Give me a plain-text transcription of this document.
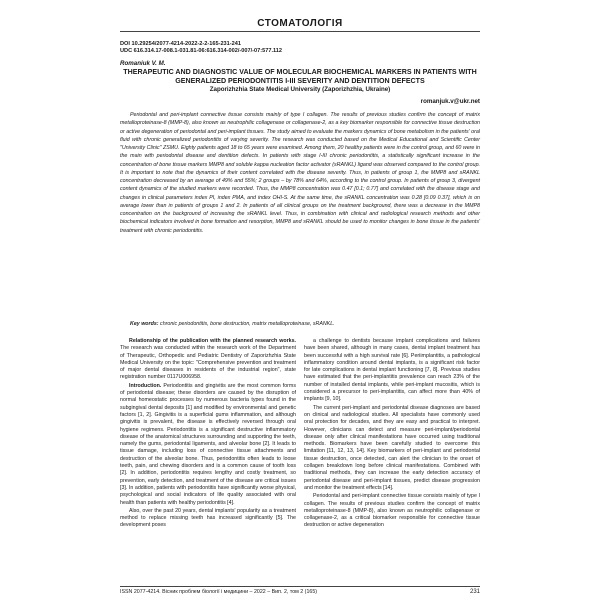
СТОМАТОЛОГІЯ
DOI 10.29254/2077-4214-2022-2-2-165-231-241
UDC 616.314.17-008.1-031.81-06:616.314-002/-007/-07:577.112
Romaniuk V. M.
THERAPEUTIC AND DIAGNOSTIC VALUE OF MOLECULAR BIOCHEMICAL MARKERS IN PATIENTS WITH GENERALIZED PERIODONTITIS I-III SEVERITY AND DENTITION DEFECTS
Zaporizhzhia State Medical University (Zaporizhzhia, Ukraine)
romanjuk.v@ukr.net
Periodontal and peri-implant connective tissue consists mainly of type I collagen. The results of previous studies confirm the concept of matrix metalloproteinase-8 (MMP-8), also known as neutrophilic collagenase or collagenase-2, as a key biomarker responsible for connective tissue destruction or active degeneration of periodontal and peri-implant tissues. The study aimed to evaluate the markers dynamics of bone metabolism in the patients' oral fluid with chronic generalized periodontitis of varying severity. The research was conducted based on the Medical Educational and Scientific Center "University Clinic" ZSMU. Eighty patients aged 18 to 65 years were examined. Among them, 20 healthy patients were in the control group, and 60 were in the main with periodontal disease and dentition defects. In patients with stage I-III chronic periodontitis, a statistically significant increase in the concentration of bone tissue markers MMP8 and soluble kappa nucleation factor activator (sRANKL) ligand was observed compared to the control group. It is important to note that the dynamics of their content correlated with the disease severity. Thus, in patients of group 1, the MMP8 and sRANKL concentration decreased by an average of 49% and 55%; 2 groups – by 78% and 64%, according to the control group. In patients of group 3, divergent content dynamics of the studied markers were recorded. Thus, the MMP8 concentration was 0.47 [0.1; 0.77] and correlated with the disease stage and changes in clinical parameters index PI, index PMA, and index OHI-S. At the same time, the sRANKL concentration was 0.28 [0.09 0.37], which is on average lower than in patients of groups 1 and 2. In patients of all clinical groups on the treatment background, there was a decrease in the MMP8 concentration on the background of increasing the sRANKL level. Thus, in combination with clinical and radiological research methods and other biochemical indicators involved in bone formation and resorption, MMP8 and sRANKL should be used to monitor changes in bone tissue in the patients' treatment with chronic periodontitis.
Key words: chronic periodontitis, bone destruction, matrix metalloproteinase, sRANKL.

Relationship of the publication with the planned research works. The research was conducted within the research work of the Department of Therapeutic, Orthopedic and Pediatric Dentistry of Zaporizhzhia State Medical University on the topic: "Comprehensive prevention and treatment of major dental diseases in residents of the industrial region", state registration number 0117U006958.

Introduction. Periodontitis and gingivitis are the most common forms of periodontal disease; these disorders are caused by the disruption of normal homeostatic processes by numerous bacteria types found in the subgingival dental deposits [1] and modified by environmental and genetic factors [1, 2]. Gingivitis is a superficial gums inflammation, and although gingivitis is prevalent, the disease is effectively reversed through oral hygiene regimens. Periodontitis is a significant destructive inflammatory disease of the anatomical structures surrounding and supporting the teeth, namely the gums, periodontal ligaments, and alveolar bone [2]. It leads to tissue damage, including loss of connective tissue attachments and destruction of the alveolar bone. Thus, periodontitis often leads to loose teeth, pain, and chewing disorders and is a common cause of tooth loss [2]. In addition, periodontitis requires lengthy and costly treatment, so prevention, early detection, and treatment of the disease are critical issues [3]. In addition, patients with periodontitis have significantly worse physical, psychological and social indicators of life quality associated with oral health than patients with healthy periodontitis [4].

Also, over the past 20 years, dental implants' popularity as a treatment method to replace missing teeth has increased significantly [5]. The development poses

a challenge to dentists because implant complications and failures have been shared, although in many cases, dental implant treatment has been successful with a high survival rate [6]. Periimplantitis, a pathological inflammatory condition around dental implants, is a significant risk factor for late complications in dental implant functioning [7, 8]. Previous studies have estimated that the peri-implantitis prevalence can reach 23% of the number of installed dental implants, while peri-implant mucositis, which is considered a precursor to peri-implantitis, can affect more than 40% of implants [9, 10].

The current peri-implant and periodontal disease diagnoses are based on clinical and radiological studies. All specialists have commonly used oral protection for decades, and they are easy and practical to interpret. However, clinicians can detect and measure peri-implant/periodontal disease only after clinical manifestations have occurred using traditional methods. Biomarkers have been carefully studied to overcome this limitation [11, 12, 13, 14]. Key biomarkers of peri-implant and periodontal tissue destruction, once detected, can alert the clinician to the onset of collagen breakdown long before clinical manifestations. Combined with traditional methods, they can increase the early detection accuracy of periodontal disease and peri-implant tissues, predict disease progression and monitor the treatment effects [14].

Periodontal and peri-implant connective tissue consists mainly of type I collagen. The results of previous studies confirm the concept of matrix metalloproteinase-8 (MMP-8), also known as neutrophilic collagenase or collagenase-2, as a critical biomarker responsible for connective tissue destruction or active degeneration

ISSN 2077-4214. Вісник проблем біології і медицини – 2022 – Вип. 2, том 2 (165)	231
